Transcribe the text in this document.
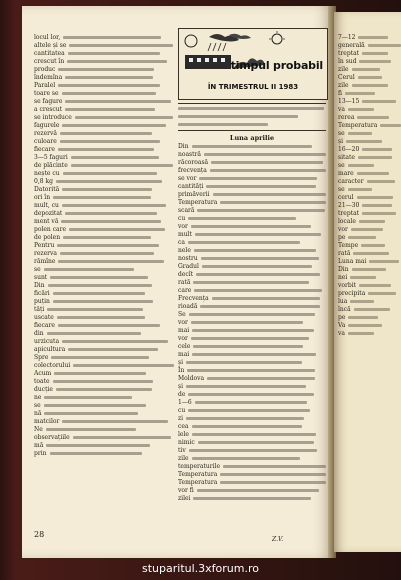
locul lor,
altele și se
cantitatea
crescut în
produc
îndemîna
Paralel
toare se
se fagure
a crescut
se introduce
fagurele
rezervă
culoare
fiecare
3—5 faguri
de plăcinte
nește cu
0,8 kg
Datorită
ori în
mult, cu
depozitat
ment vă
polen care
de polen
Pentru
rezerva
rămîne
se
sunt
Din
ficări
puțin
tăți
uscate
fiecare
din
urzicuta
apicultura
Spre
colectorului
Acum
toate
ducție
ne
se
nă
matcilor
Ne
observațiile
mă
prin
timpul probabil
ÎN TRIMESTRUL II 1983
Luna aprilie
Din
noastră
răcoroasă
frecvența
se vor
cantități
primăverii
Temperatura
scară
cu
vor
mult
ca
nele
nostru
Gradul
decît
rată
care
Frecvența
rioadă
Se
vor
mai
vor
cele
mai
și
În
Moldova
și
de
1—6
cu
zi
cea
lele
nimic
tiv
zile
temperaturile
Temperatura
Temperatura
vor fi
zilei
28
Z.V.
7—12
generală
treptat
în sud
zile
Cerul
zile
fi
13—15
va
rerea
Temperatura
se
și
16—20
sitate
se
mare
caracter
se
cerul
21—30
treptat
locale
vor
pe
Tempe
rată
Luna mai
Din
nei
vorbit
precipita
lua
încă
pe
Va
va
stuparitul.3xforum.ro
